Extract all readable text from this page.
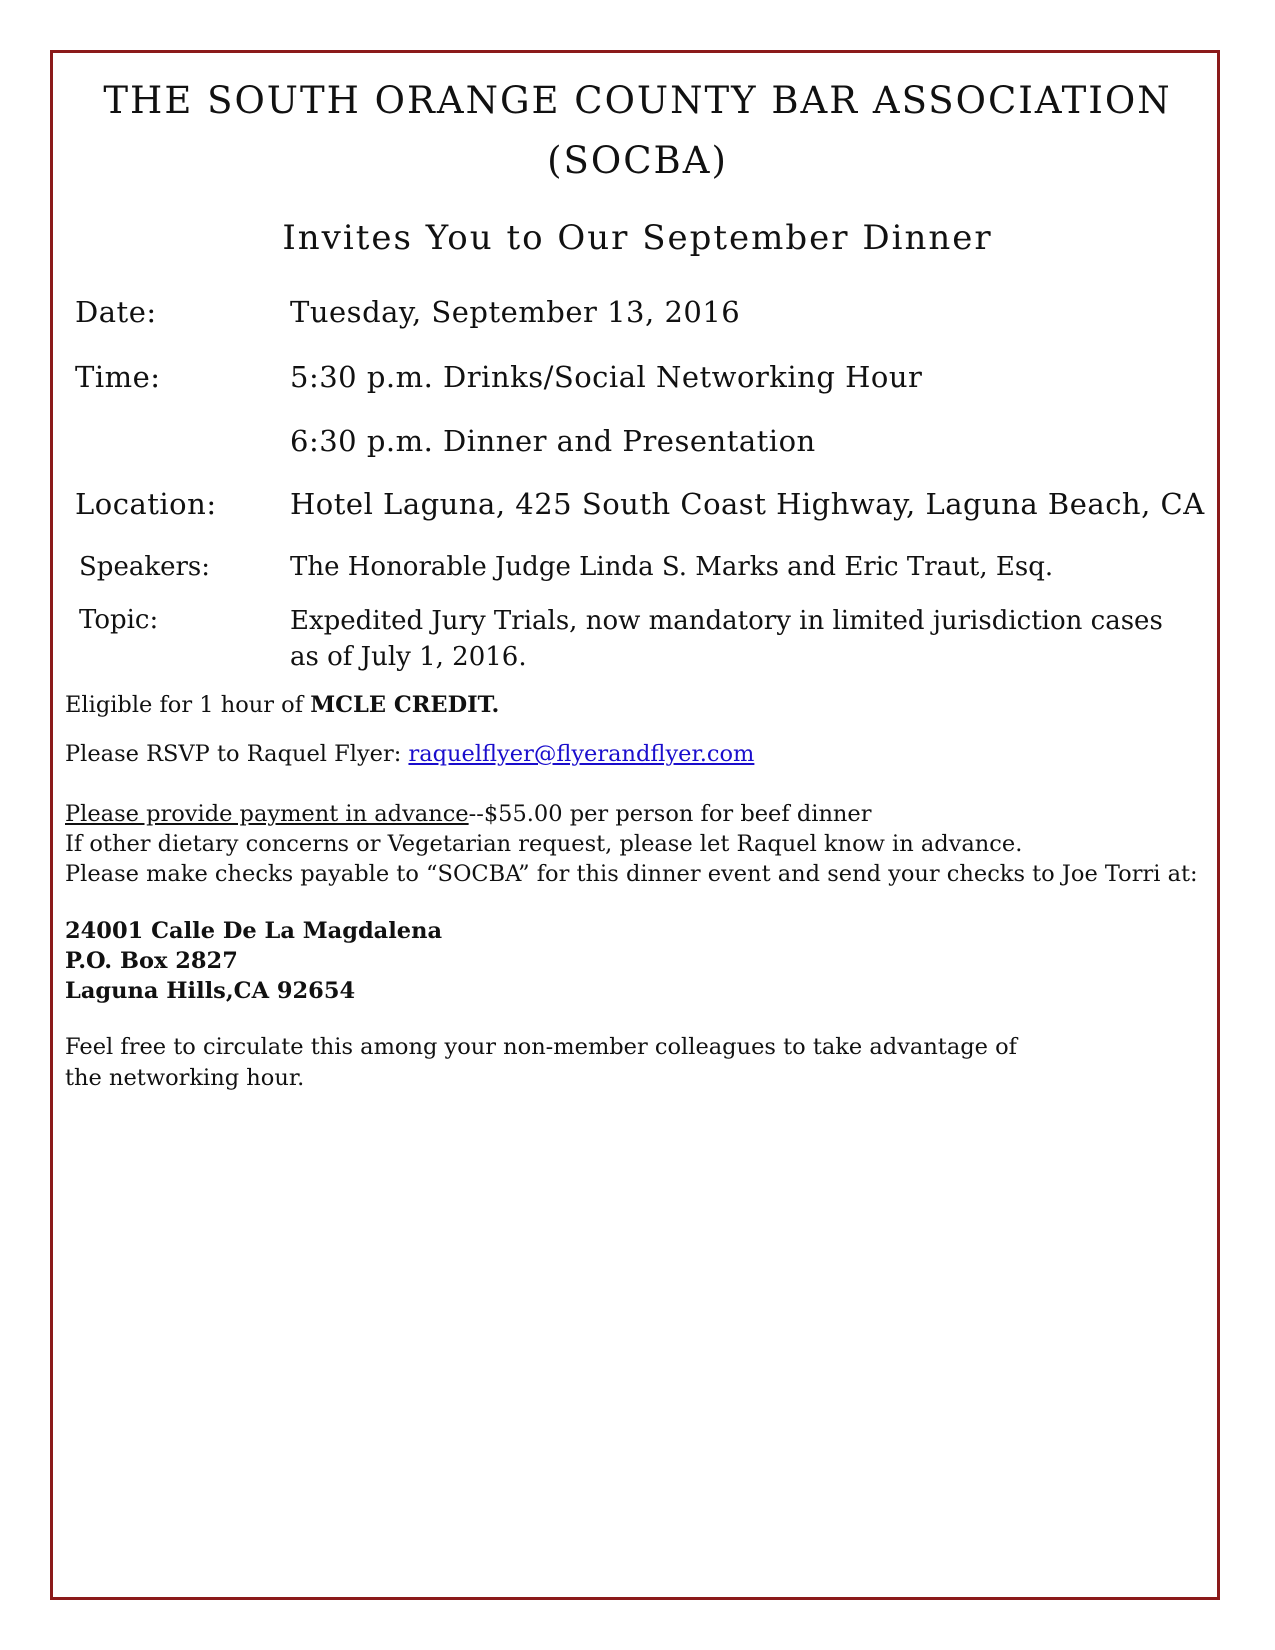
THE SOUTH ORANGE COUNTY BAR ASSOCIATION
(SOCBA)
Invites You to Our September Dinner
Date:	Tuesday, September 13, 2016
Time:	5:30 p.m. Drinks/Social Networking Hour
6:30 p.m. Dinner and Presentation
Location:	Hotel Laguna, 425 South Coast Highway, Laguna Beach, CA
Speakers:	The Honorable Judge Linda S. Marks and Eric Traut, Esq.
Topic:	Expedited Jury Trials, now mandatory in limited jurisdiction cases as of July 1, 2016.
Eligible for 1 hour of MCLE CREDIT.
Please RSVP to Raquel Flyer: raquelflyer@flyerandflyer.com
Please provide payment in advance--$55.00 per person for beef dinner
If other dietary concerns or Vegetarian request, please let Raquel know in advance.
Please make checks payable to “SOCBA” for this dinner event and send your checks to Joe Torri at:
24001 Calle De La Magdalena
P.O. Box 2827
Laguna Hills,CA 92654
Feel free to circulate this among your non-member colleagues to take advantage of the networking hour.
